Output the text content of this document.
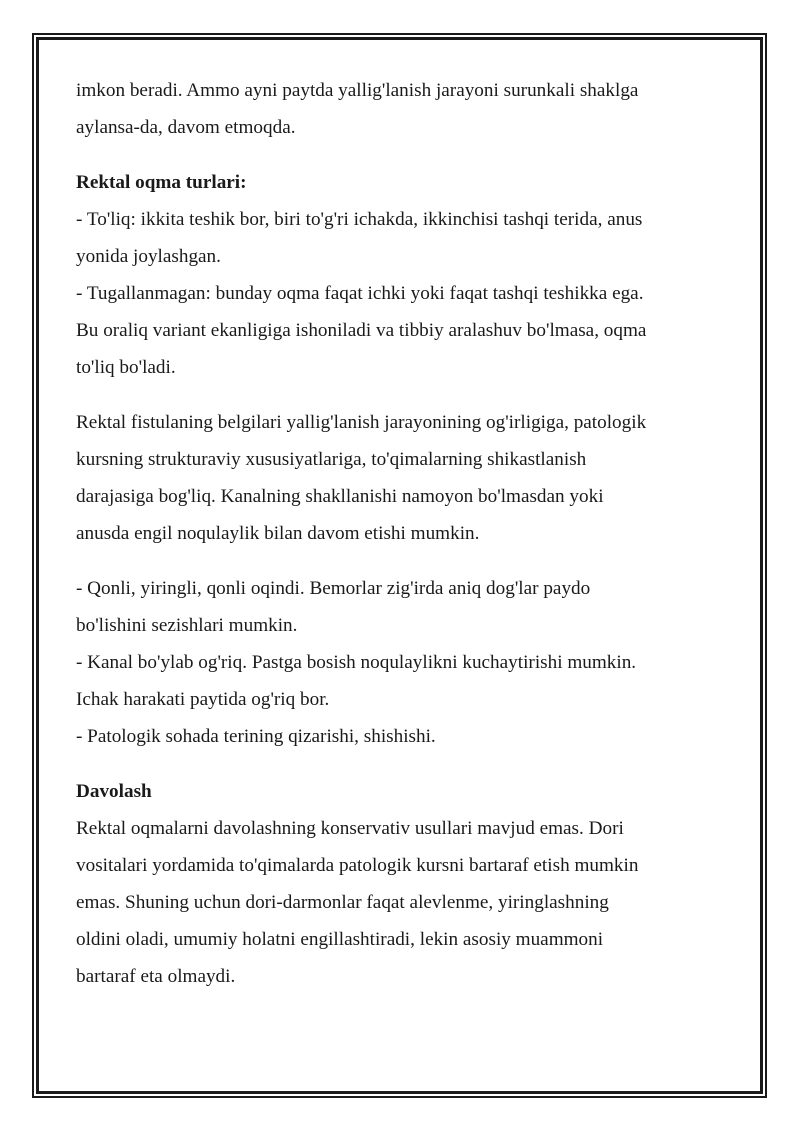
imkon beradi. Ammo ayni paytda yallig'lanish jarayoni surunkali shaklga
aylansa-da, davom etmoqda.

Rektal oqma turlari:

- To'liq: ikkita teshik bor, biri to'g'ri ichakda, ikkinchisi tashqi terida, anus
yonida joylashgan.
- Tugallanmagan: bunday oqma faqat ichki yoki faqat tashqi teshikka ega.
Bu oraliq variant ekanligiga ishoniladi va tibbiy aralashuv bo'lmasa, oqma
to'liq bo'ladi.

Rektal fistulaning belgilari yallig'lanish jarayonining og'irligiga, patologik
kursning strukturaviy xususiyatlariga, to'qimalarning shikastlanish
darajasiga bog'liq. Kanalning shakllanishi namoyon bo'lmasdan yoki
anusda engil noqulaylik bilan davom etishi mumkin.

- Qonli, yiringli, qonli oqindi. Bemorlar zig'irda aniq dog'lar paydo
bo'lishini sezishlari mumkin.
- Kanal bo'ylab og'riq. Pastga bosish noqulaylikni kuchaytirishi mumkin.
Ichak harakati paytida og'riq bor.
- Patologik sohada terining qizarishi, shishishi.

Davolash

Rektal oqmalarni davolashning konservativ usullari mavjud emas. Dori
vositalari yordamida to'qimalarda patologik kursni bartaraf etish mumkin
emas. Shuning uchun dori-darmonlar faqat alevlenme, yiringlashning
oldini oladi, umumiy holatni engillashtiradi, lekin asosiy muammoni
bartaraf eta olmaydi.
